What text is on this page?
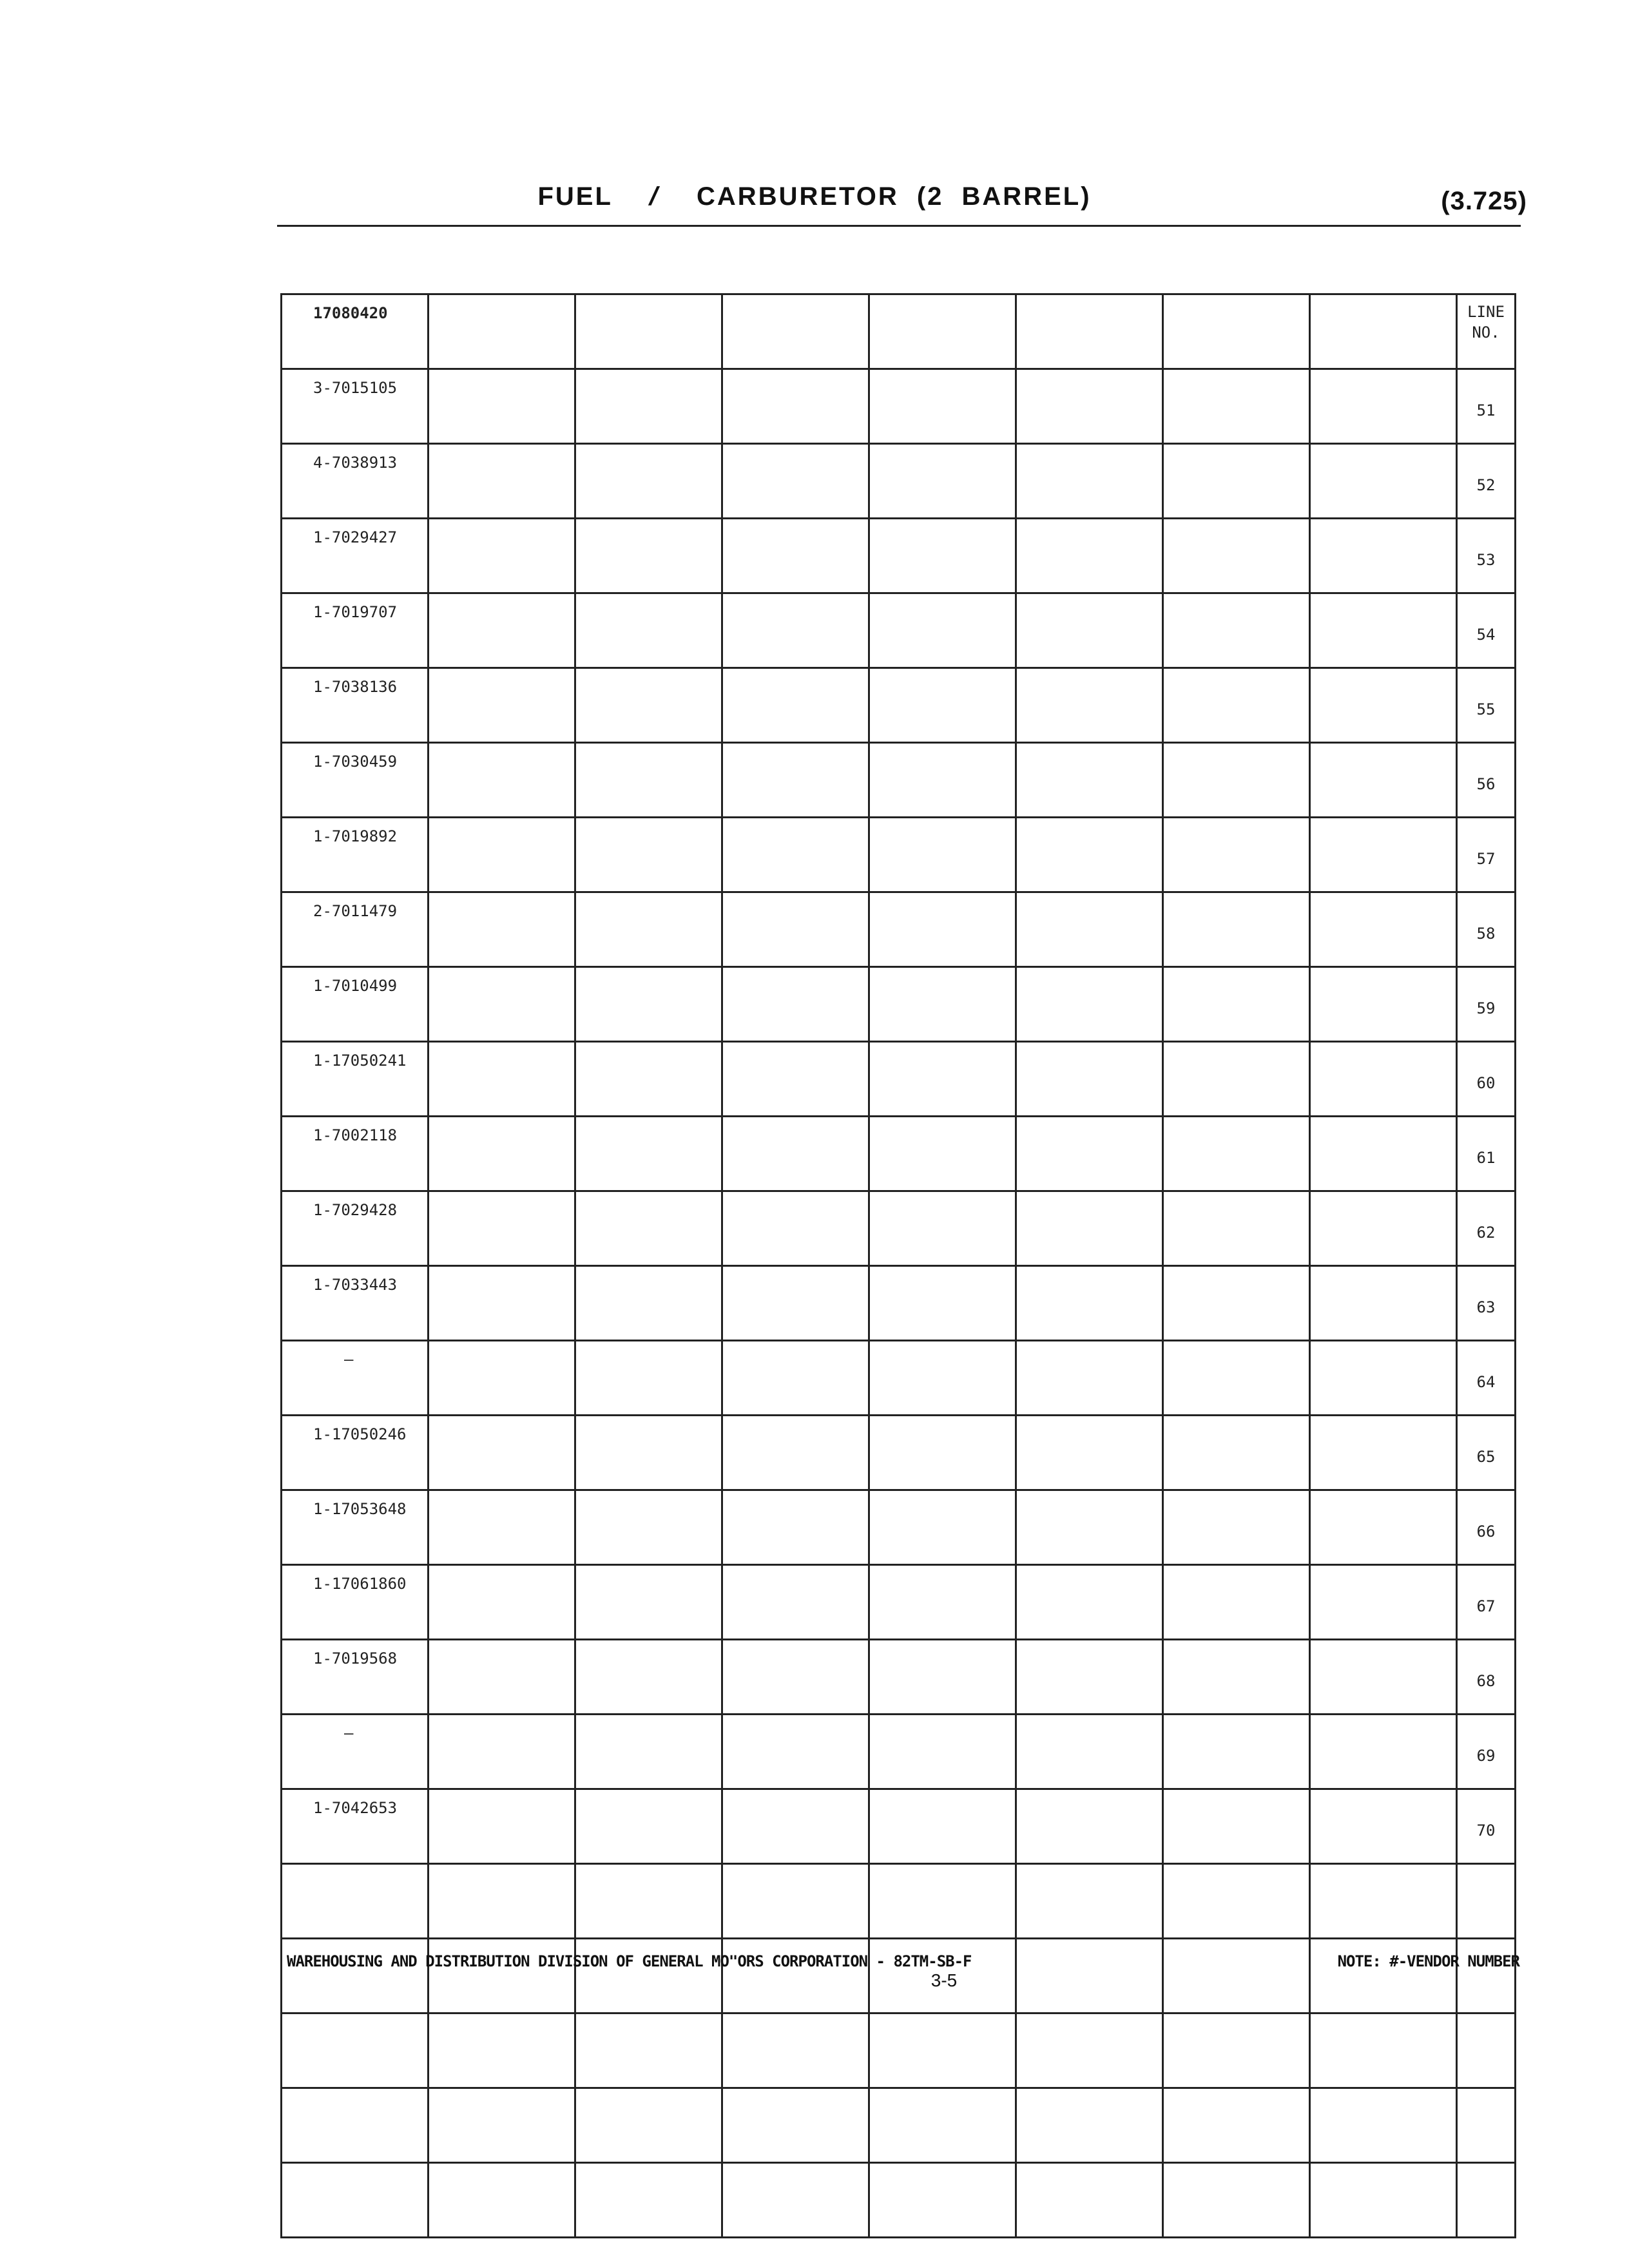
FUEL / CARBURETOR (2 BARREL)	(3.725)
17080420								LINE
NO.

3-7015105								51
4-7038913								52
1-7029427								53
1-7019707								54
1-7038136								55
1-7030459								56
1-7019892								57
2-7011479								58
1-7010499								59
1-17050241								60
1-7002118								61
1-7029428								62
1-7033443								63
—								64
1-17050246								65
1-17053648								66
1-17061860								67
1-7019568								68
—								69
1-7042653								70

WAREHOUSING AND DISTRIBUTION DIVISION OF GENERAL MO"ORS CORPORATION - 82TM-SB-F	NOTE: #-VENDOR NUMBER
3-5
